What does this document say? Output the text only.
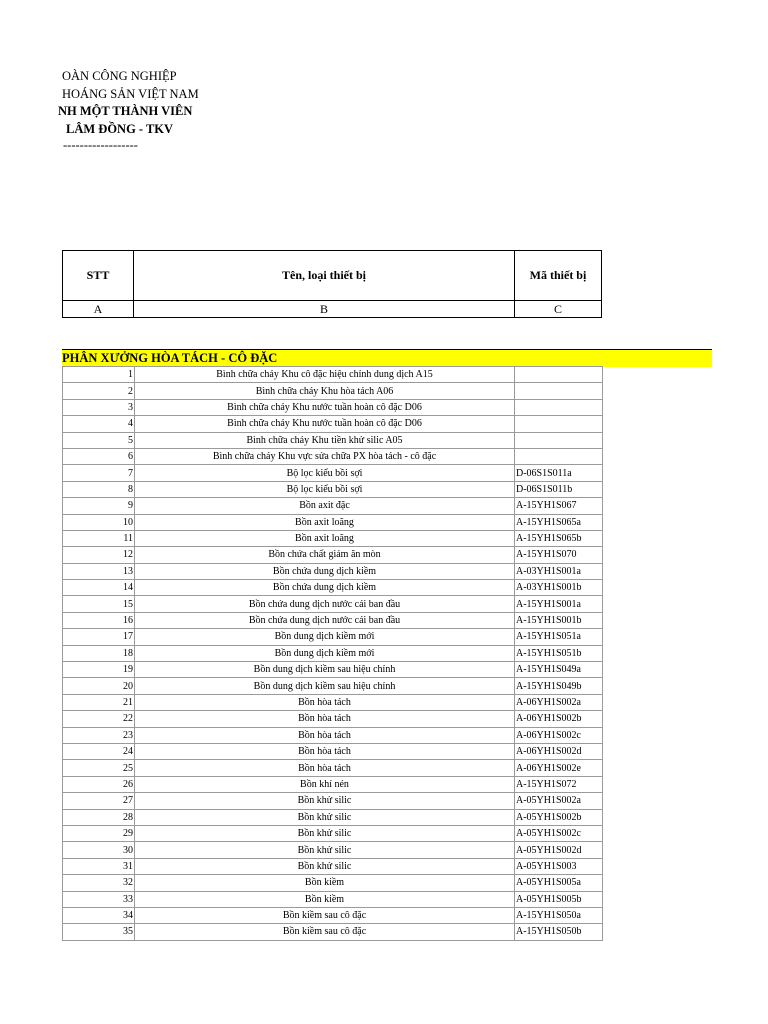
OÀN CÔNG NGHIỆP
HOÁNG SẢN VIỆT NAM
NH MỘT THÀNH VIÊN
LÂM ĐỒNG - TKV
------------------
STT	Tên, loại thiết bị	Mã thiết bị
A	B	C
PHÂN XƯỞNG HÒA TÁCH - CÔ ĐẶC
1	Bình chữa cháy Khu cô đặc hiệu chỉnh dung dịch A15	
2	Bình chữa cháy Khu hòa tách A06	
3	Bình chữa cháy Khu nước tuần hoàn cô đặc D06	
4	Bình chữa cháy Khu nước tuần hoàn cô đặc D06	
5	Bình chữa cháy Khu tiền khử silic A05	
6	Bình chữa cháy Khu vực sửa chữa PX hòa tách - cô đặc	
7	Bộ lọc kiểu bồi sợi	D-06S1S011a
8	Bộ lọc kiểu bồi sợi	D-06S1S011b
9	Bồn axit đặc	A-15YH1S067
10	Bồn axit loãng	A-15YH1S065a
11	Bồn axit loãng	A-15YH1S065b
12	Bồn chứa chất giảm ăn mòn	A-15YH1S070
13	Bồn chứa dung dịch kiềm	A-03YH1S001a
14	Bồn chứa dung dịch kiềm	A-03YH1S001b
15	Bồn chứa dung dịch nước cái ban đầu	A-15YH1S001a
16	Bồn chứa dung dịch nước cái ban đầu	A-15YH1S001b
17	Bồn dung dịch kiềm mới	A-15YH1S051a
18	Bồn dung dịch kiềm mới	A-15YH1S051b
19	Bồn dung dịch kiềm sau hiệu chỉnh	A-15YH1S049a
20	Bồn dung dịch kiềm sau hiệu chỉnh	A-15YH1S049b
21	Bồn hòa tách	A-06YH1S002a
22	Bồn hòa tách	A-06YH1S002b
23	Bồn hòa tách	A-06YH1S002c
24	Bồn hòa tách	A-06YH1S002d
25	Bồn hòa tách	A-06YH1S002e
26	Bồn khí nén	A-15YH1S072
27	Bồn khử silic	A-05YH1S002a
28	Bồn khử silic	A-05YH1S002b
29	Bồn khử silic	A-05YH1S002c
30	Bồn khử silic	A-05YH1S002d
31	Bồn khử silic	A-05YH1S003
32	Bồn kiềm	A-05YH1S005a
33	Bồn kiềm	A-05YH1S005b
34	Bồn kiềm sau cô đặc	A-15YH1S050a
35	Bồn kiềm sau cô đặc	A-15YH1S050b
